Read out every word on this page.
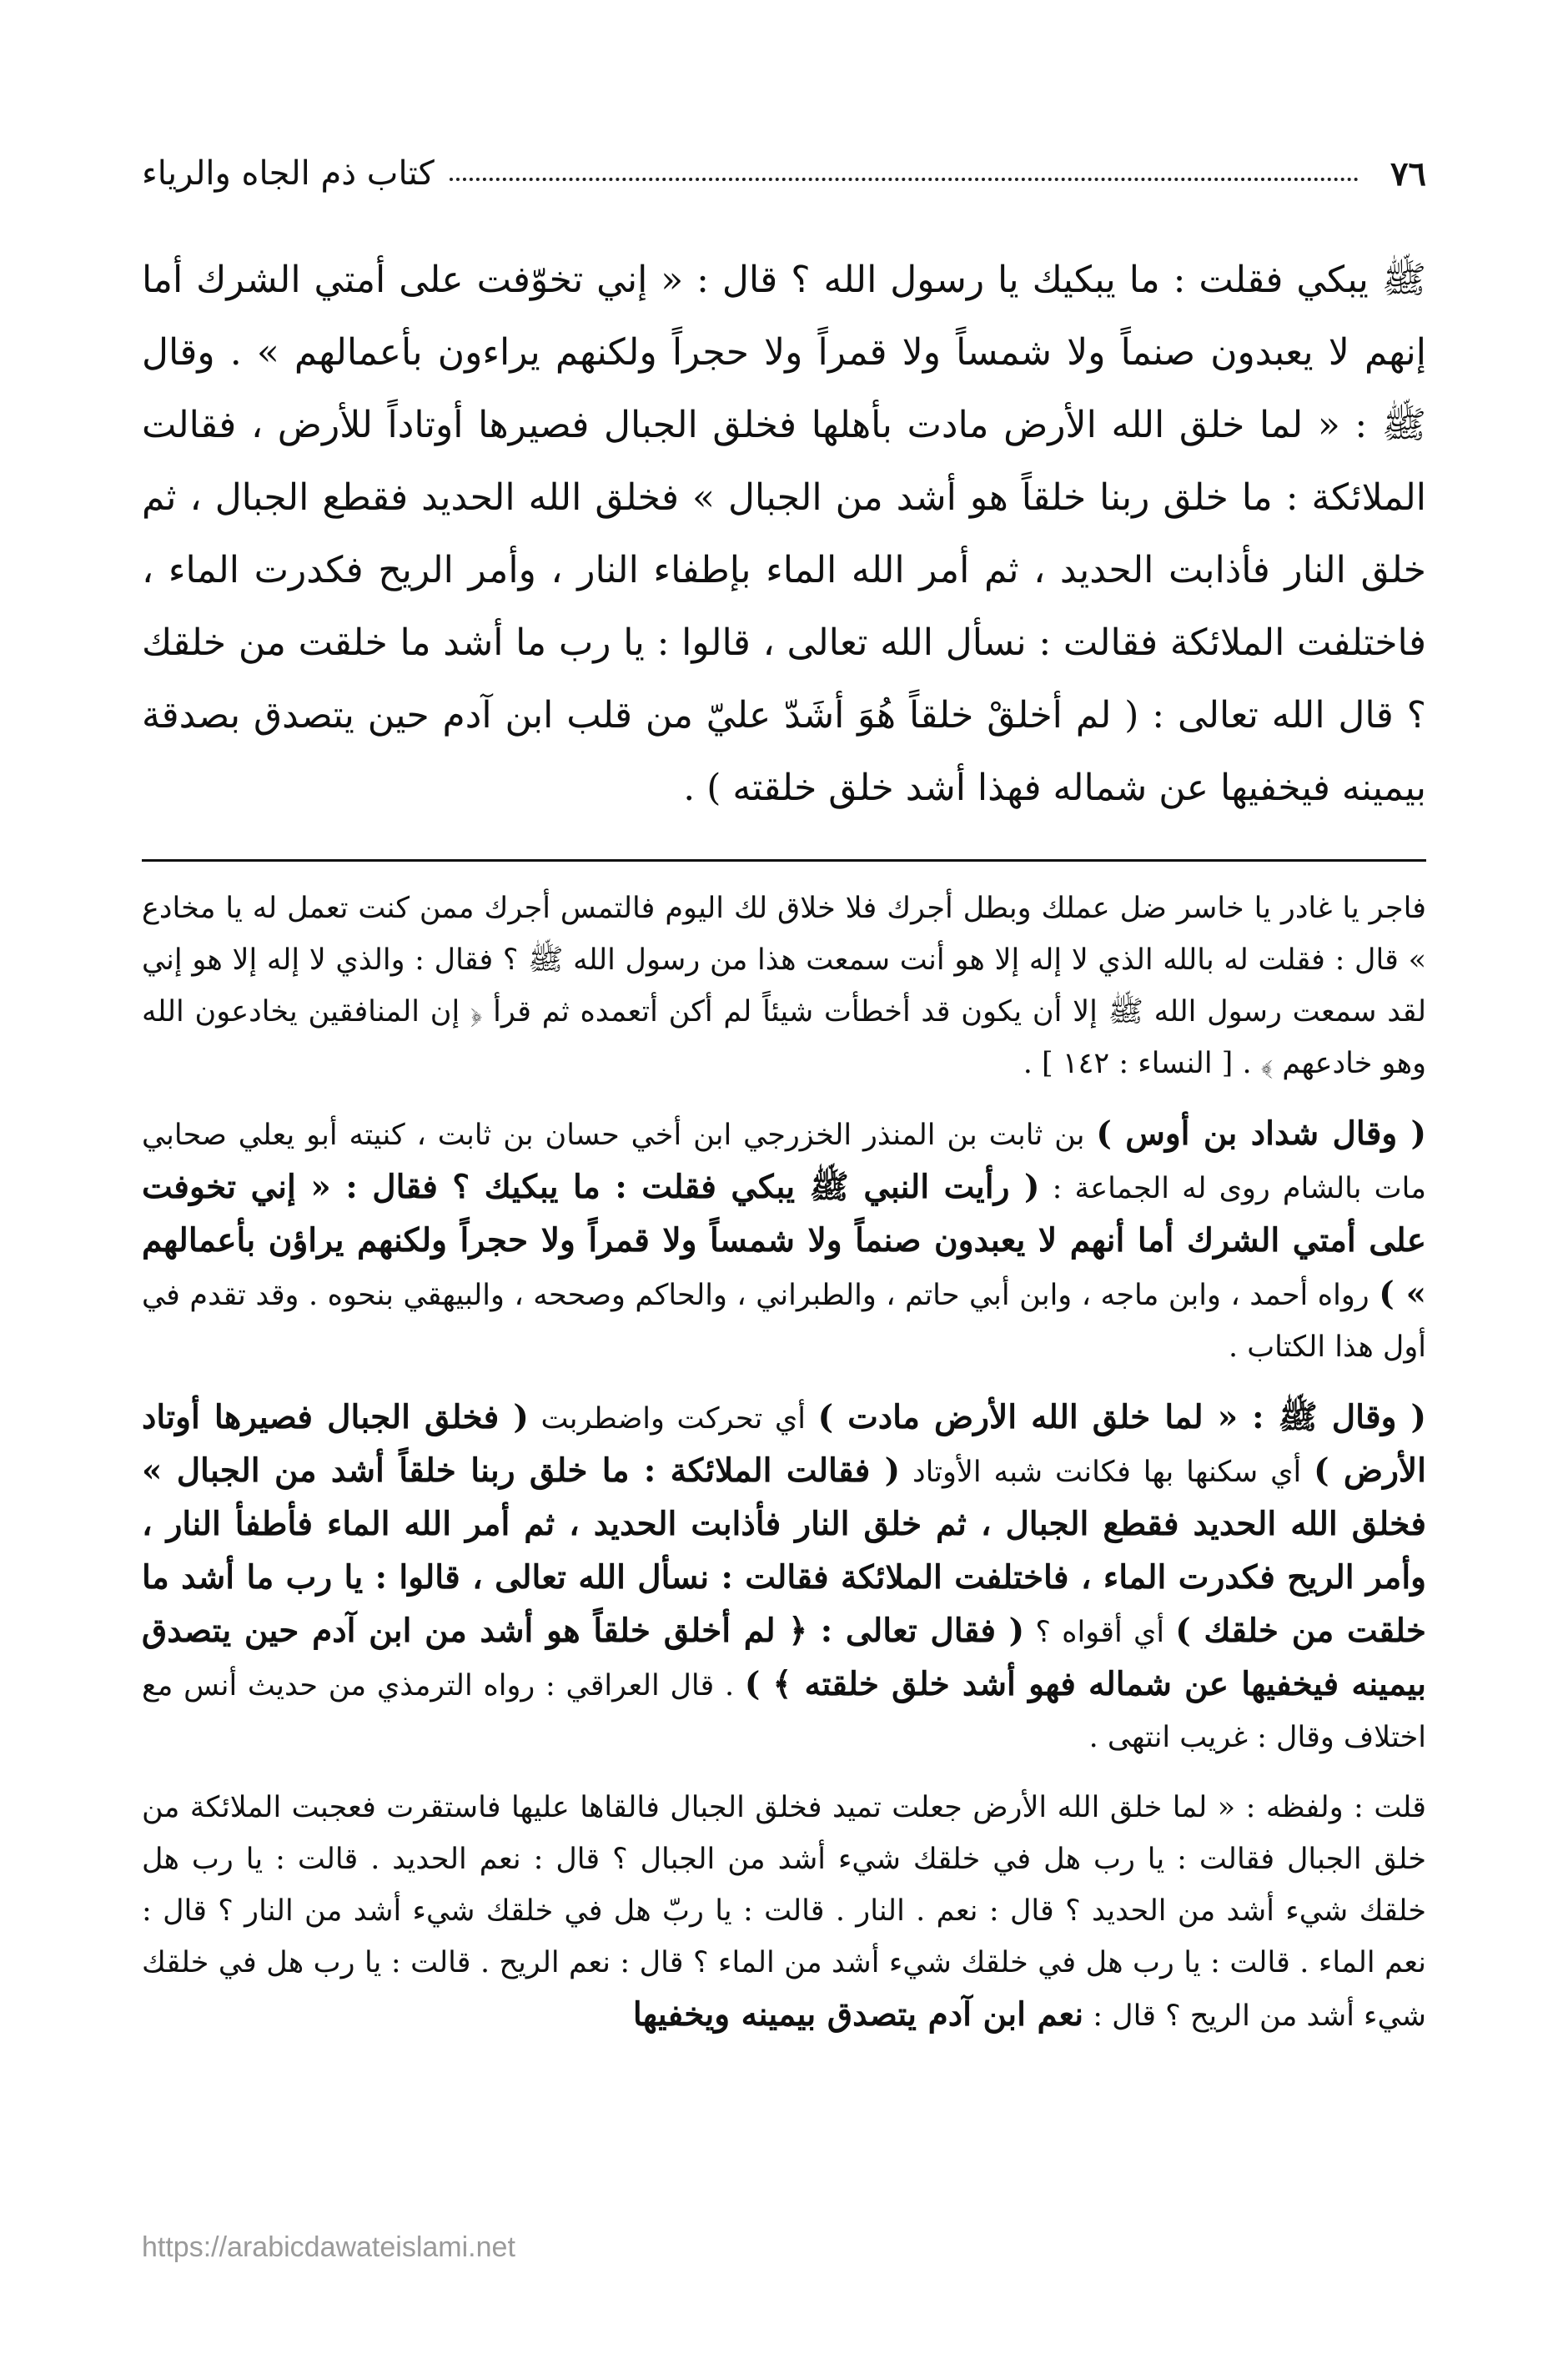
٧٦
كتاب ذم الجاه والرياء

ﷺ يبكي فقلت : ما يبكيك يا رسول الله ؟ قال : « إني تخوّفت على أمتي الشرك أما إنهم لا يعبدون صنماً ولا شمساً ولا قمراً ولا حجراً ولكنهم يراءون بأعمالهم » . وقال ﷺ : « لما خلق الله الأرض مادت بأهلها فخلق الجبال فصيرها أوتاداً للأرض ، فقالت الملائكة : ما خلق ربنا خلقاً هو أشد من الجبال » فخلق الله الحديد فقطع الجبال ، ثم خلق النار فأذابت الحديد ، ثم أمر الله الماء بإطفاء النار ، وأمر الريح فكدرت الماء ، فاختلفت الملائكة فقالت : نسأل الله تعالى ، قالوا : يا رب ما أشد ما خلقت من خلقك ؟ قال الله تعالى : ( لم أخلقْ خلقاً هُوَ أشَدّ عليّ من قلب ابن آدم حين يتصدق بصدقة بيمينه فيخفيها عن شماله فهذا أشد خلق خلقته ) .

فاجر يا غادر يا خاسر ضل عملك وبطل أجرك فلا خلاق لك اليوم فالتمس أجرك ممن كنت تعمل له يا مخادع » قال : فقلت له بالله الذي لا إله إلا هو أنت سمعت هذا من رسول الله ﷺ ؟ فقال : والذي لا إله إلا هو إني لقد سمعت رسول الله ﷺ إلا أن يكون قد أخطأت شيئاً لم أكن أتعمده ثم قرأ ﴿ إن المنافقين يخادعون الله وهو خادعهم ﴾ . [ النساء : ١٤٢ ] .

( وقال شداد بن أوس ) بن ثابت بن المنذر الخزرجي ابن أخي حسان بن ثابت ، كنيته أبو يعلي صحابي مات بالشام روى له الجماعة : ( رأيت النبي ﷺ يبكي فقلت : ما يبكيك ؟ فقال : « إني تخوفت على أمتي الشرك أما أنهم لا يعبدون صنماً ولا شمساً ولا قمراً ولا حجراً ولكنهم يراؤن بأعمالهم » ) رواه أحمد ، وابن ماجه ، وابن أبي حاتم ، والطبراني ، والحاكم وصححه ، والبيهقي بنحوه . وقد تقدم في أول هذا الكتاب .

( وقال ﷺ : « لما خلق الله الأرض مادت ) أي تحركت واضطربت ( فخلق الجبال فصيرها أوتاد الأرض ) أي سكنها بها فكانت شبه الأوتاد ( فقالت الملائكة : ما خلق ربنا خلقاً أشد من الجبال » فخلق الله الحديد فقطع الجبال ، ثم خلق النار فأذابت الحديد ، ثم أمر الله الماء فأطفأ النار ، وأمر الريح فكدرت الماء ، فاختلفت الملائكة فقالت : نسأل الله تعالى ، قالوا : يا رب ما أشد ما خلقت من خلقك ) أي أقواه ؟ ( فقال تعالى : ﴿ لم أخلق خلقاً هو أشد من ابن آدم حين يتصدق بيمينه فيخفيها عن شماله فهو أشد خلق خلقته ﴾ ) . قال العراقي : رواه الترمذي من حديث أنس مع اختلاف وقال : غريب انتهى .

قلت : ولفظه : « لما خلق الله الأرض جعلت تميد فخلق الجبال فالقاها عليها فاستقرت فعجبت الملائكة من خلق الجبال فقالت : يا رب هل في خلقك شيء أشد من الجبال ؟ قال : نعم الحديد . قالت : يا رب هل خلقك شيء أشد من الحديد ؟ قال : نعم . النار . قالت : يا ربّ هل في خلقك شيء أشد من النار ؟ قال : نعم الماء . قالت : يا رب هل في خلقك شيء أشد من الماء ؟ قال : نعم الريح . قالت : يا رب هل في خلقك شيء أشد من الريح ؟ قال : نعم ابن آدم يتصدق بيمينه ويخفيها

https://arabicdawateislami.net
